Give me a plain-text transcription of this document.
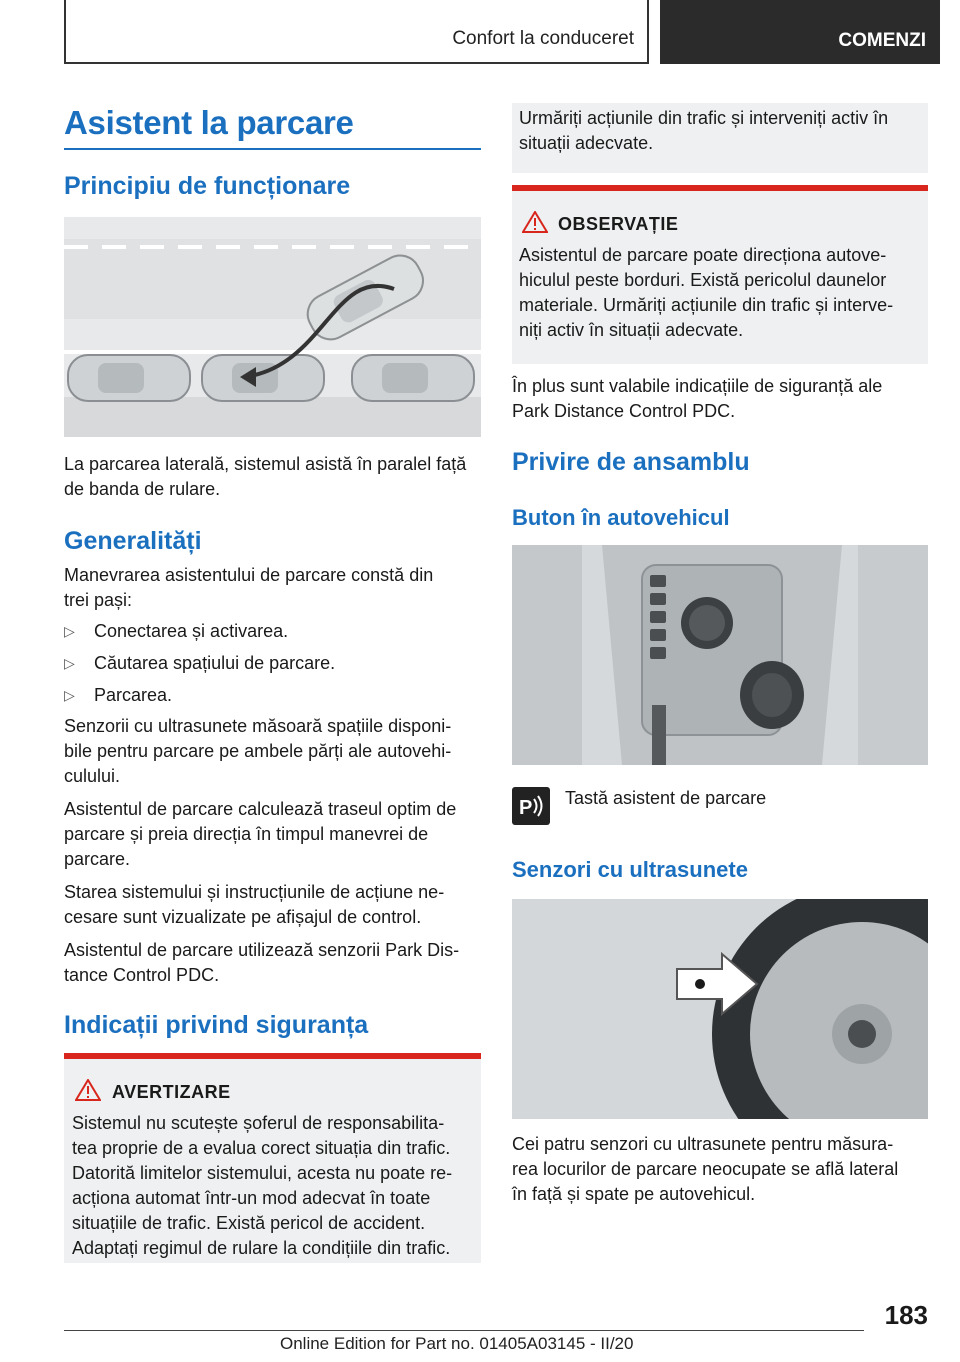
Confort la conduceret	COMENZI
Asistent la parcare
Principiu de funcționare
La parcarea laterală, sistemul asistă în paralel față
de banda de rulare.
Generalități
Manevrarea asistentului de parcare constă din
trei pași:
▷ Conectarea și activarea.
▷ Căutarea spațiului de parcare.
▷ Parcarea.
Senzorii cu ultrasunete măsoară spațiile disponi‐
bile pentru parcare pe ambele părți ale autovehi‐
culului.
Asistentul de parcare calculează traseul optim de
parcare și preia direcția în timpul manevrei de
parcare.
Starea sistemului și instrucțiunile de acțiune ne‐
cesare sunt vizualizate pe afișajul de control.
Asistentul de parcare utilizează senzorii Park Dis‐
tance Control PDC.
Indicații privind siguranța
AVERTIZARE
Sistemul nu scutește șoferul de responsabilita‐
tea proprie de a evalua corect situația din trafic.
Datorită limitelor sistemului, acesta nu poate re‐
acționa automat într-un mod adecvat în toate
situațiile de trafic. Există pericol de accident.
Adaptați regimul de rulare la condițiile din trafic.
Urmăriți acțiunile din trafic și interveniți activ în
situații adecvate.
OBSERVAȚIE
Asistentul de parcare poate direcționa autove‐
hiculul peste borduri. Există pericolul daunelor
materiale. Urmăriți acțiunile din trafic și interve‐
niți activ în situații adecvate.
În plus sunt valabile indicațiile de siguranță ale
Park Distance Control PDC.
Privire de ansamblu
Buton în autovehicul
P Tastă asistent de parcare
Senzori cu ultrasunete
Cei patru senzori cu ultrasunete pentru măsura‐
rea locurilor de parcare neocupate se află lateral
în față și spate pe autovehicul.
183
Online Edition for Part no. 01405A03145 - II/20
